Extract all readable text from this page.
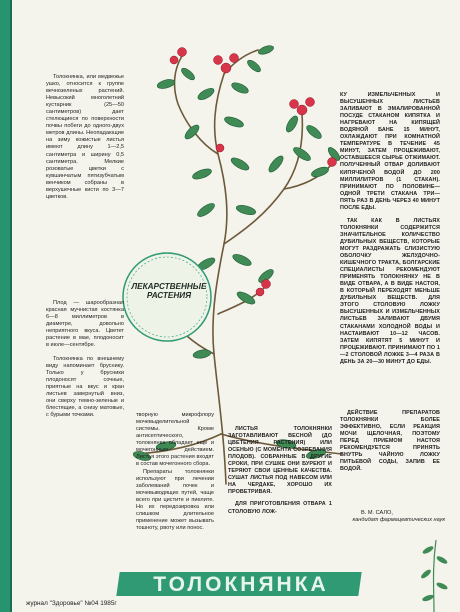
ЛЕКАРСТВЕННЫЕ
РАСТЕНИЯ

Толокнянка, или медвежье ушко, относится к группе вечнозеленых растений. Невысокий многолетний кустарник (25—50 сантиметров) дает стелющиеся по поверхности почвы побеги до одного-двух метров длины. Неопадающие на зиму кожистые листья имеют длину 1—2,5 сантиметра и ширину 0,5 сантиметра. Мелкие розоватые цветки с кувшинчатым пятизубчатым венчиком собраны в верхушечные кисти по 3—7 цветков.

Плод — шарообразная красная мучнистая костянка 6—8 миллиметров в диаметре, довольно неприятного вкуса. Цветет растение в мае, плодоносит в июле—сентябре.

Толокнянка по внешнему виду напоминает бруснику. Только у брусники плодоносят сочные, приятные на вкус и кран листьев завернутый вниз, они сверху темно-зеленые и блестящие, а снизу матовые, с бурыми точками.	творную микрофлору мочевыделительной системы. Кроме антисептического, толокнянка обладает еще и мочегонным действием. Листья этого растения входят в состав мочегонного сбора.

Препараты толокнянки используют при лечении заболеваний почек и мочевыводящих путей, чаще всего при цистите и пиелите. Но их передозировка или слишком длительное применение может вызывать тошноту, рвоту или понос.

ЛИСТЬЯ ТОЛОКНЯНКИ ЗАГОТАВЛИВАЮТ ВЕСНОЙ (ДО ЦВЕТЕНИЯ РАСТЕНИЯ) ИЛИ ОСЕНЬЮ (С МОМЕНТА СОЗРЕВАНИЯ ПЛОДОВ). СОБРАННЫЕ В ДРУГИЕ СРОКИ, ПРИ СУШКЕ ОНИ БУРЕЮТ И ТЕРЯЮТ СВОИ ЦЕННЫЕ КАЧЕСТВА. СУШАТ ЛИСТЬЯ ПОД НАВЕСОМ ИЛИ НА ЧЕРДАКЕ, ХОРОШО ИХ ПРОВЕТРИВАЯ.

ДЛЯ ПРИГОТОВЛЕНИЯ ОТВАРА 1 СТОЛОВУЮ ЛОЖ-

КУ ИЗМЕЛЬЧЕННЫХ И ВЫСУШЕННЫХ ЛИСТЬЕВ ЗАЛИВАЮТ В ЭМАЛИРОВАННОЙ ПОСУДЕ СТАКАНОМ КИПЯТКА И НАГРЕВАЮТ НА КИПЯЩЕЙ ВОДЯНОЙ БАНЕ 15 МИНУТ, ОХЛАЖДАЮТ ПРИ КОМНАТНОЙ ТЕМПЕРАТУРЕ В ТЕЧЕНИЕ 45 МИНУТ, ЗАТЕМ ПРОЦЕЖИВАЮТ, ОСТАВШЕЕСЯ СЫРЬЕ ОТЖИМАЮТ. ПОЛУЧЕННЫЙ ОТВАР ДОЛИВАЮТ КИПЯЧЕНОЙ ВОДОЙ ДО 200 МИЛЛИЛИТРОВ (1 СТАКАН). ПРИНИМАЮТ ПО ПОЛОВИНЕ—ОДНОЙ ТРЕТИ СТАКАНА ТРИ—ПЯТЬ РАЗ В ДЕНЬ ЧЕРЕЗ 40 МИНУТ ПОСЛЕ ЕДЫ.

ТАК КАК В ЛИСТЬЯХ ТОЛОКНЯНКИ СОДЕРЖИТСЯ ЗНАЧИТЕЛЬНОЕ КОЛИЧЕСТВО ДУБИЛЬНЫХ ВЕЩЕСТВ, КОТОРЫЕ МОГУТ РАЗДРАЖАТЬ СЛИЗИСТУЮ ОБОЛОЧКУ ЖЕЛУДОЧНО-КИШЕЧНОГО ТРАКТА, БОЛГАРСКИЕ СПЕЦИАЛИСТЫ РЕКОМЕНДУЮТ ПРИМЕНЯТЬ ТОЛОКНЯНКУ НЕ В ВИДЕ ОТВАРА, А В ВИДЕ НАСТОЯ, В КОТОРЫЙ ПЕРЕХОДЯТ МЕНЬШЕ ДУБИЛЬНЫХ ВЕЩЕСТВ. ДЛЯ ЭТОГО СТОЛОВУЮ ЛОЖКУ ВЫСУШЕННЫХ И ИЗМЕЛЬЧЕННЫХ ЛИСТЬЕВ ЗАЛИВАЮТ ДВУМЯ СТАКАНАМИ ХОЛОДНОЙ ВОДЫ И НАСТАИВАЮТ 10—12 ЧАСОВ. ЗАТЕМ КИПЯТЯТ 5 МИНУТ И ПРОЦЕЖИВАЮТ. ПРИНИМАЮТ ПО 1—2 СТОЛОВОЙ ЛОЖКЕ 3—4 РАЗА В ДЕНЬ ЗА 20—30 МИНУТ ДО ЕДЫ.

ДЕЙСТВИЕ ПРЕПАРАТОВ ТОЛОКНЯНКИ БОЛЕЕ ЭФФЕКТИВНО, ЕСЛИ РЕАКЦИЯ МОЧИ ЩЕЛОЧНАЯ, ПОЭТОМУ ПЕРЕД ПРИЕМОМ НАСТОЯ РЕКОМЕНДУЕТСЯ ПРИНЯТЬ ВНУТРЬ ЧАЙНУЮ ЛОЖКУ ПИТЬЕВОЙ СОДЫ, ЗАПИВ ЕЕ ВОДОЙ.

В. М. САЛО,
кандидат фармацевтических наук
ТОЛОКНЯНКА
журнал "Здоровье" №04 1985г
